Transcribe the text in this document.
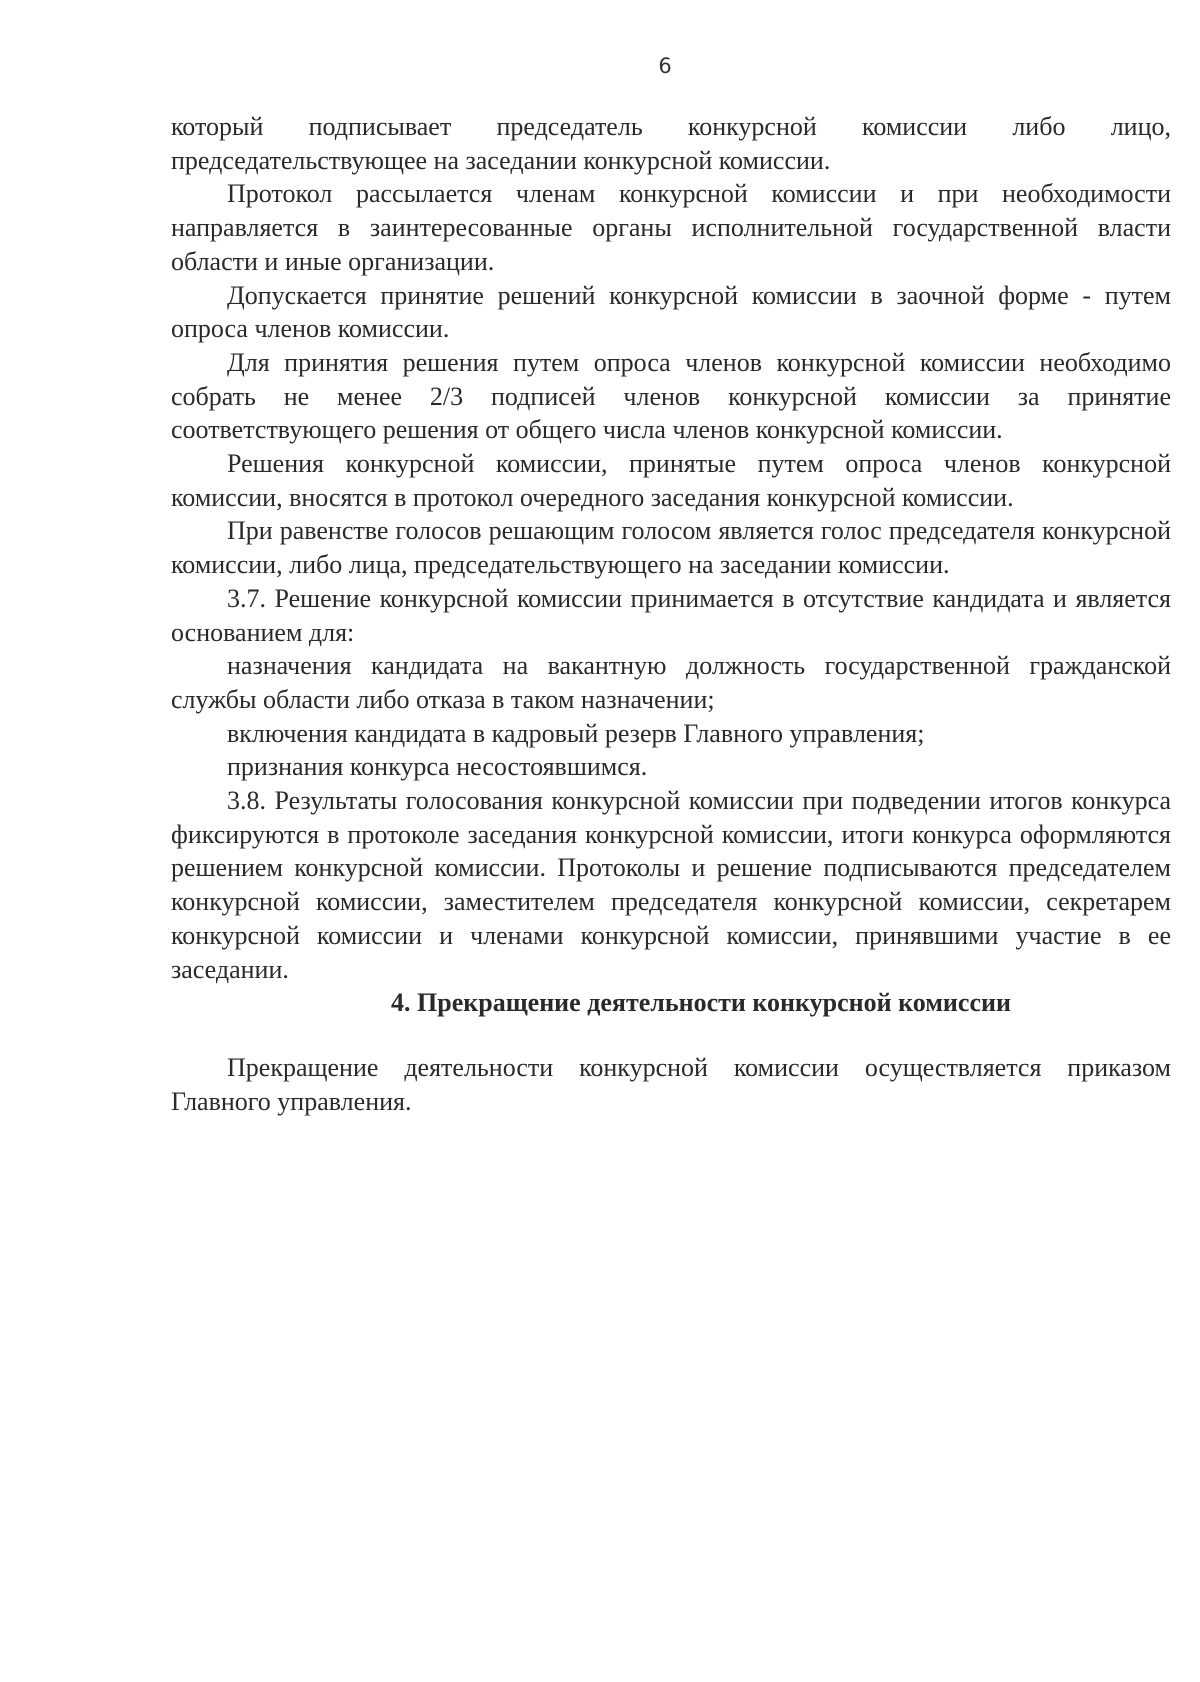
6

который подписывает председатель конкурсной комиссии либо лицо, председательствующее на заседании конкурсной комиссии.

Протокол рассылается членам конкурсной комиссии и при необходимости направляется в заинтересованные органы исполнительной государственной власти области и иные организации.

Допускается принятие решений конкурсной комиссии в заочной форме - путем опроса членов комиссии.

Для принятия решения путем опроса членов конкурсной комиссии необходимо собрать не менее 2/3 подписей членов конкурсной комиссии за принятие соответствующего решения от общего числа членов конкурсной комиссии.

Решения конкурсной комиссии, принятые путем опроса членов конкурсной комиссии, вносятся в протокол очередного заседания конкурсной комиссии.

При равенстве голосов решающим голосом является голос председателя конкурсной комиссии, либо лица, председательствующего на заседании комиссии.

3.7. Решение конкурсной комиссии принимается в отсутствие кандидата и является основанием для:

назначения кандидата на вакантную должность государственной гражданской службы области либо отказа в таком назначении;

включения кандидата в кадровый резерв Главного управления;

признания конкурса несостоявшимся.

3.8. Результаты голосования конкурсной комиссии при подведении итогов конкурса фиксируются в протоколе заседания конкурсной комиссии, итоги конкурса оформляются решением конкурсной комиссии. Протоколы и решение подписываются председателем конкурсной комиссии, заместителем председателя конкурсной комиссии, секретарем конкурсной комиссии и членами конкурсной комиссии, принявшими участие в ее заседании.

4. Прекращение деятельности конкурсной комиссии

Прекращение деятельности конкурсной комиссии осуществляется приказом Главного управления.
